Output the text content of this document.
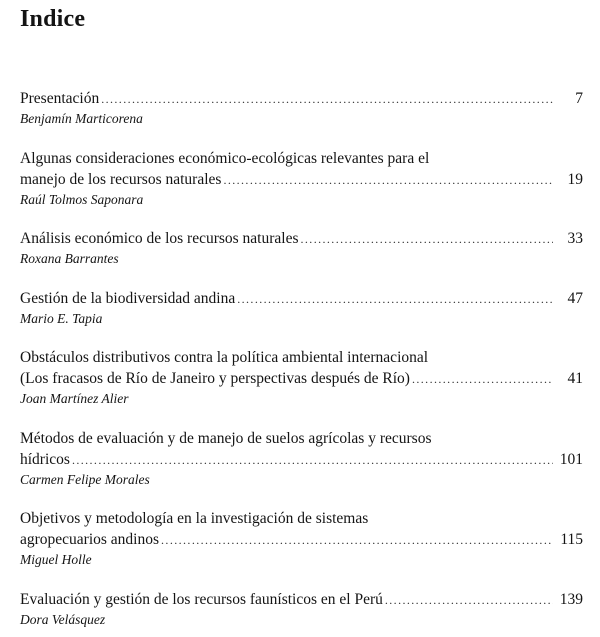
Indice
Presentación .....	7
Benjamín Marticorena
Algunas consideraciones económico-ecológicas relevantes para el
manejo de los recursos naturales .....	19
Raúl Tolmos Saponara
Análisis económico de los recursos naturales .....	33
Roxana Barrantes
Gestión de la biodiversidad andina .....	47
Mario E. Tapia
Obstáculos distributivos contra la política ambiental internacional
(Los fracasos de Río de Janeiro y perspectivas después de Río) .....	41
Joan Martínez Alier
Métodos de evaluación y de manejo de suelos agrícolas y recursos
hídricos .....	101
Carmen Felipe Morales
Objetivos y metodología en la investigación de sistemas
agropecuarios andinos .....	115
Miguel Holle
Evaluación y gestión de los recursos faunísticos en el Perú .....	139
Dora Velásquez
